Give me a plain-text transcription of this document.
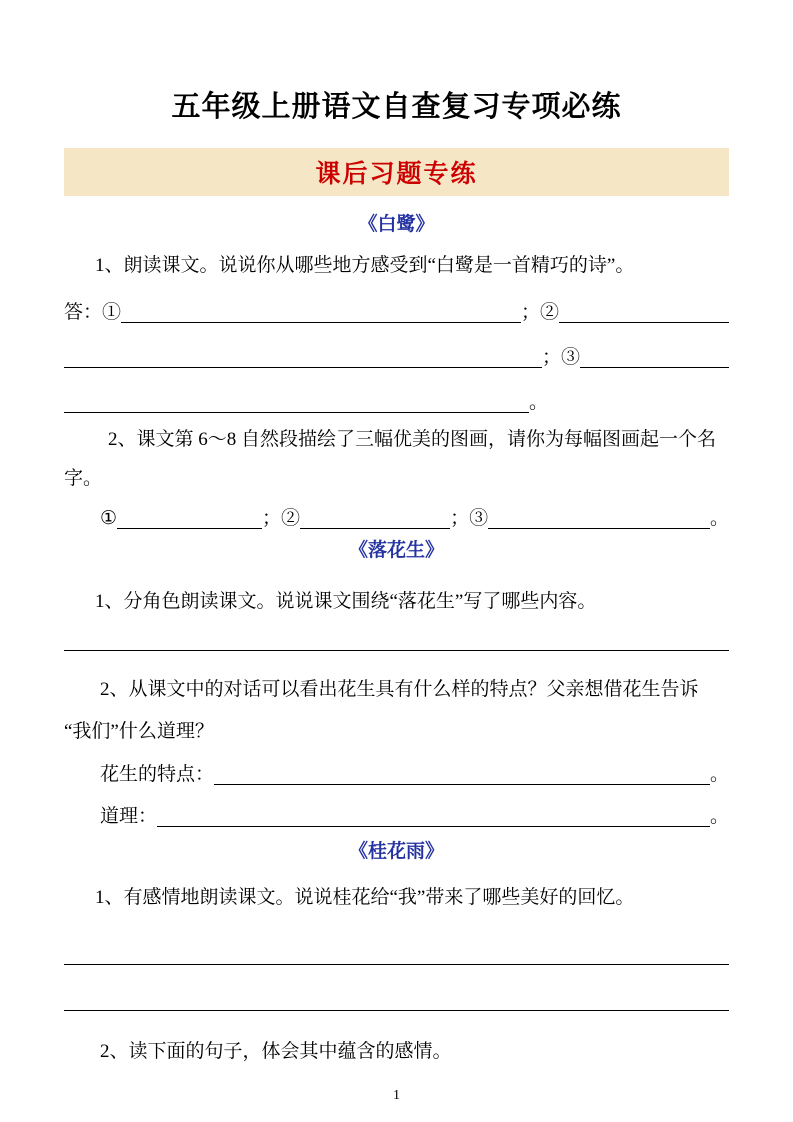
五年级上册语文自查复习专项必练
课后习题专练
《白鹭》
1、朗读课文。说说你从哪些地方感受到“白鹭是一首精巧的诗”。
答：①	；②
；③
。
2、课文第 6～8 自然段描绘了三幅优美的图画，请你为每幅图画起一个名
字。
①	；②	；③	。
《落花生》
1、分角色朗读课文。说说课文围绕“落花生”写了哪些内容。
2、从课文中的对话可以看出花生具有什么样的特点？父亲想借花生告诉
“我们”什么道理？
花生的特点：	。
道理：	。
《桂花雨》
1、有感情地朗读课文。说说桂花给“我”带来了哪些美好的回忆。
2、读下面的句子，体会其中蕴含的感情。
1
